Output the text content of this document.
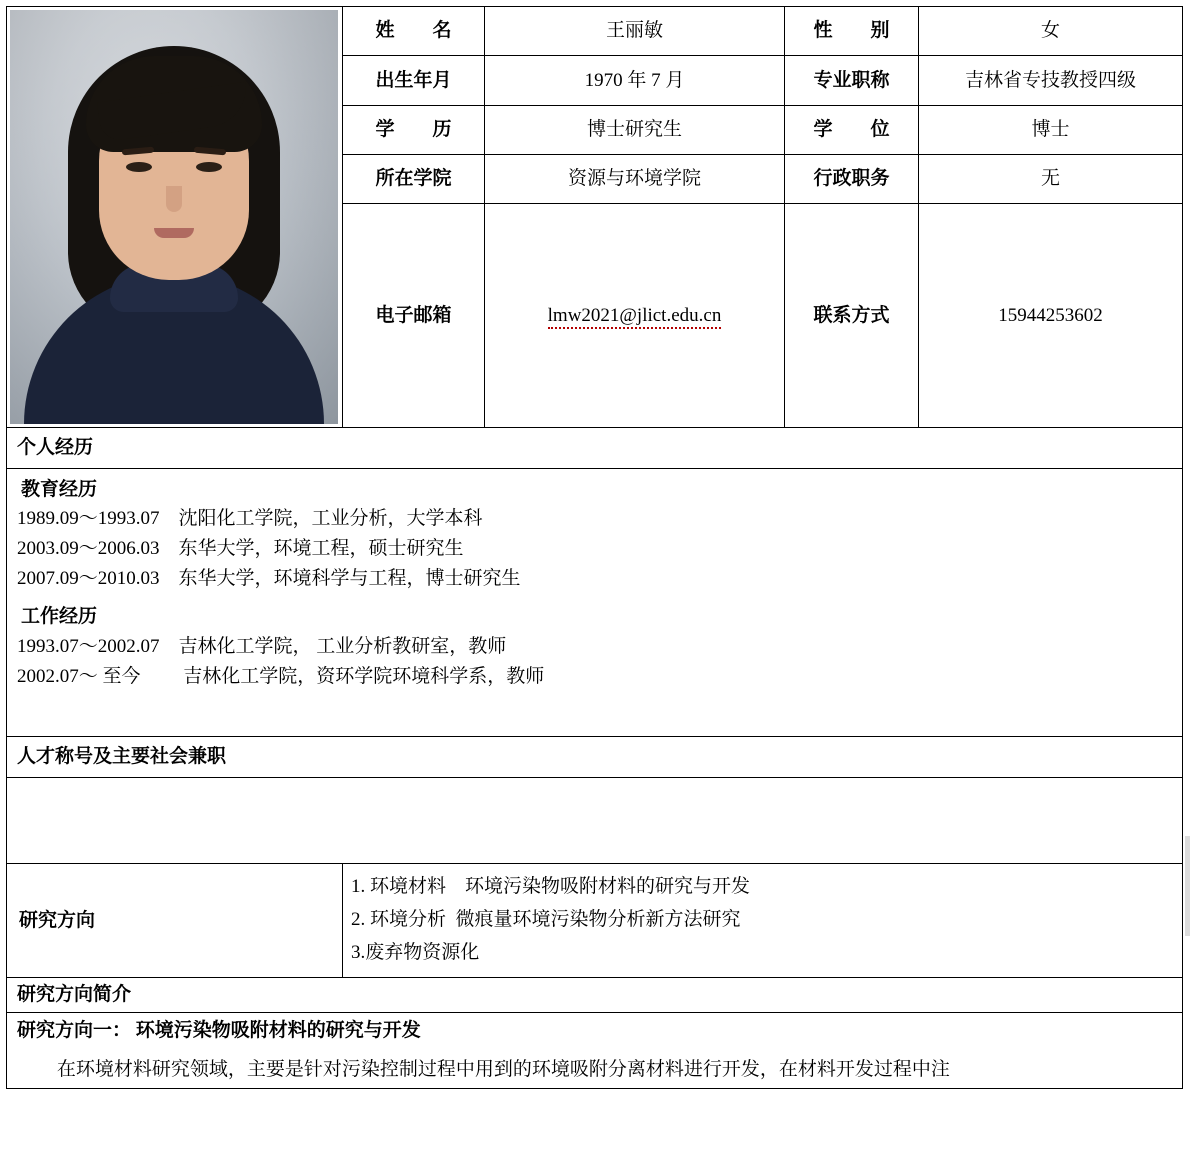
	姓　　名	王丽敏	性　　别	女
	出生年月	1970 年 7 月	专业职称	吉林省专技教授四级
	学　　历	博士研究生	学　　位	博士
	所在学院	资源与环境学院	行政职务	无
	电子邮箱	lmw2021@jlict.edu.cn	联系方式	15944253602
个人经历				

教育经历
1989.09～1993.07　沈阳化工学院，工业分析，大学本科
2003.09～2006.03　东华大学，环境工程，硕士研究生
2007.09～2010.03　东华大学，环境科学与工程，博士研究生
工作经历
1993.07～2002.07　吉林化工学院， 工业分析教研室，教师
2002.07～ 至今　　 吉林化工学院，资环学院环境科学系，教师

人才称号及主要社会兼职				

研究方向	1. 环境材料　环境污染物吸附材料的研究与开发
2. 环境分析  微痕量环境污染物分析新方法研究
3.废弃物资源化			

研究方向简介				
研究方向一： 环境污染物吸附材料的研究与开发				
在环境材料研究领域，主要是针对污染控制过程中用到的环境吸附分离材料进行开发，在材料开发过程中注				
